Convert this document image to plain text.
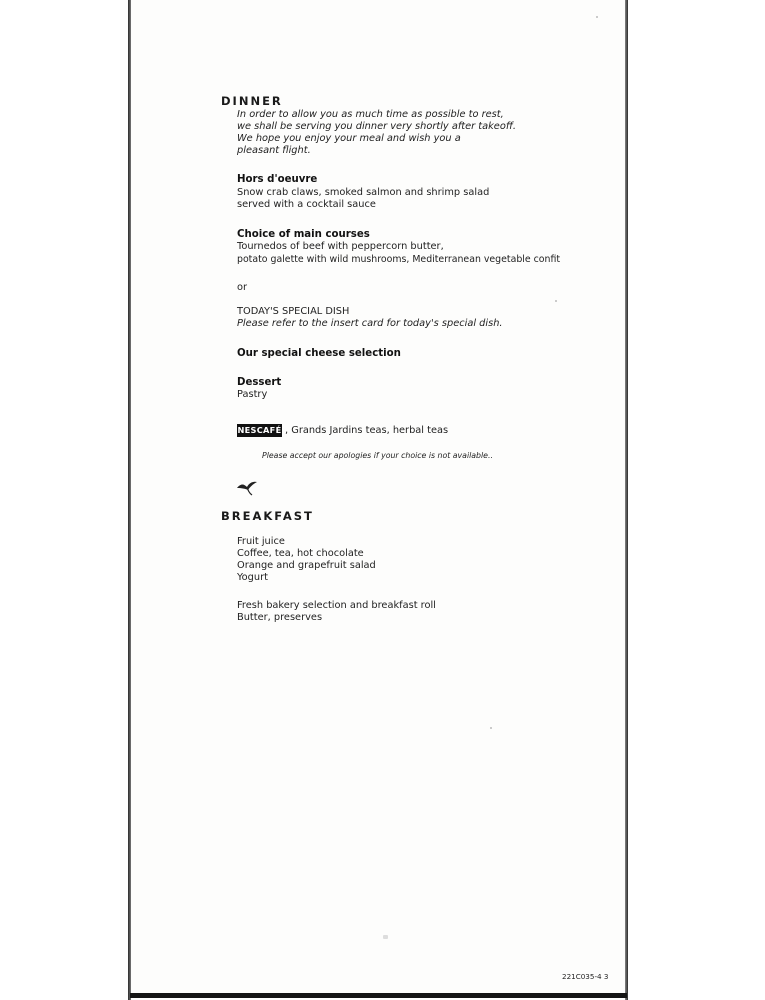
DINNER
In order to allow you as much time as possible to rest,
we shall be serving you dinner very shortly after takeoff.
We hope you enjoy your meal and wish you a
pleasant flight.
Hors d'oeuvre
Snow crab claws, smoked salmon and shrimp salad
served with a cocktail sauce
Choice of main courses
Tournedos of beef with peppercorn butter,
potato galette with wild mushrooms, Mediterranean vegetable confit
or
TODAY'S SPECIAL DISH
Please refer to the insert card for today's special dish.
Our special cheese selection
Dessert
Pastry
NESCAFÉ , Grands Jardins teas, herbal teas
Please accept our apologies if your choice is not available..
BREAKFAST
Fruit juice
Coffee, tea, hot chocolate
Orange and grapefruit salad
Yogurt
Fresh bakery selection and breakfast roll
Butter, preserves
221C035-4 3
